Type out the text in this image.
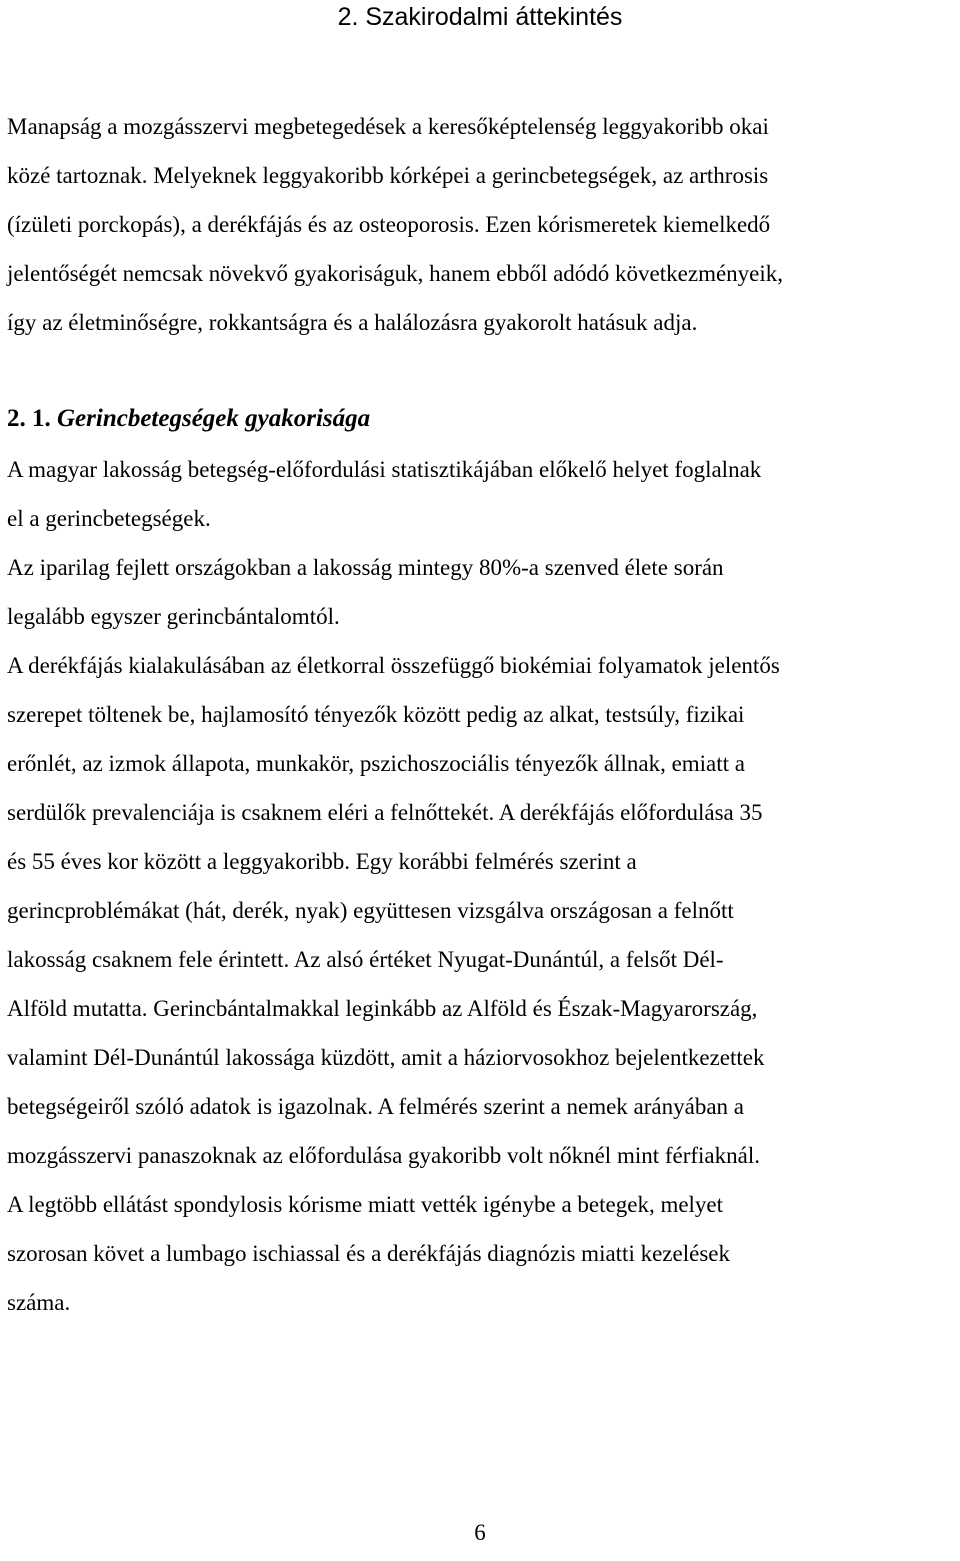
2. Szakirodalmi áttekintés
Manapság a mozgásszervi megbetegedések a keresőképtelenség leggyakoribb okai
közé tartoznak. Melyeknek leggyakoribb kórképei a gerincbetegségek, az arthrosis
(ízületi porckopás), a derékfájás és az osteoporosis. Ezen kórismeretek kiemelkedő
jelentőségét nemcsak növekvő gyakoriságuk, hanem ebből adódó következményeik,
így az életminőségre, rokkantságra és a halálozásra gyakorolt hatásuk adja.
2. 1. Gerincbetegségek gyakorisága
A magyar lakosság betegség-előfordulási statisztikájában előkelő helyet foglalnak
el a gerincbetegségek.
Az iparilag fejlett országokban a lakosság mintegy 80%-a szenved élete során
legalább egyszer gerincbántalomtól.
A derékfájás kialakulásában az életkorral összefüggő biokémiai folyamatok jelentős
szerepet töltenek be, hajlamosító tényezők között pedig az alkat, testsúly, fizikai
erőnlét, az izmok állapota, munkakör, pszichoszociális tényezők állnak, emiatt a
serdülők prevalenciája is csaknem eléri a felnőttekét. A derékfájás előfordulása 35
és 55 éves kor között a leggyakoribb. Egy korábbi felmérés szerint a
gerincproblémákat (hát, derék, nyak) együttesen vizsgálva országosan a felnőtt
lakosság csaknem fele érintett. Az alsó értéket Nyugat-Dunántúl, a felsőt Dél-
Alföld mutatta. Gerincbántalmakkal leginkább az Alföld és Észak-Magyarország,
valamint Dél-Dunántúl lakossága küzdött, amit a háziorvosokhoz bejelentkezettek
betegségeiről szóló adatok is igazolnak. A felmérés szerint a nemek arányában a
mozgásszervi panaszoknak az előfordulása gyakoribb volt nőknél mint férfiaknál.
A legtöbb ellátást spondylosis kórisme miatt vették igénybe a betegek, melyet
szorosan követ a lumbago ischiassal és a derékfájás diagnózis miatti kezelések
száma.
6
